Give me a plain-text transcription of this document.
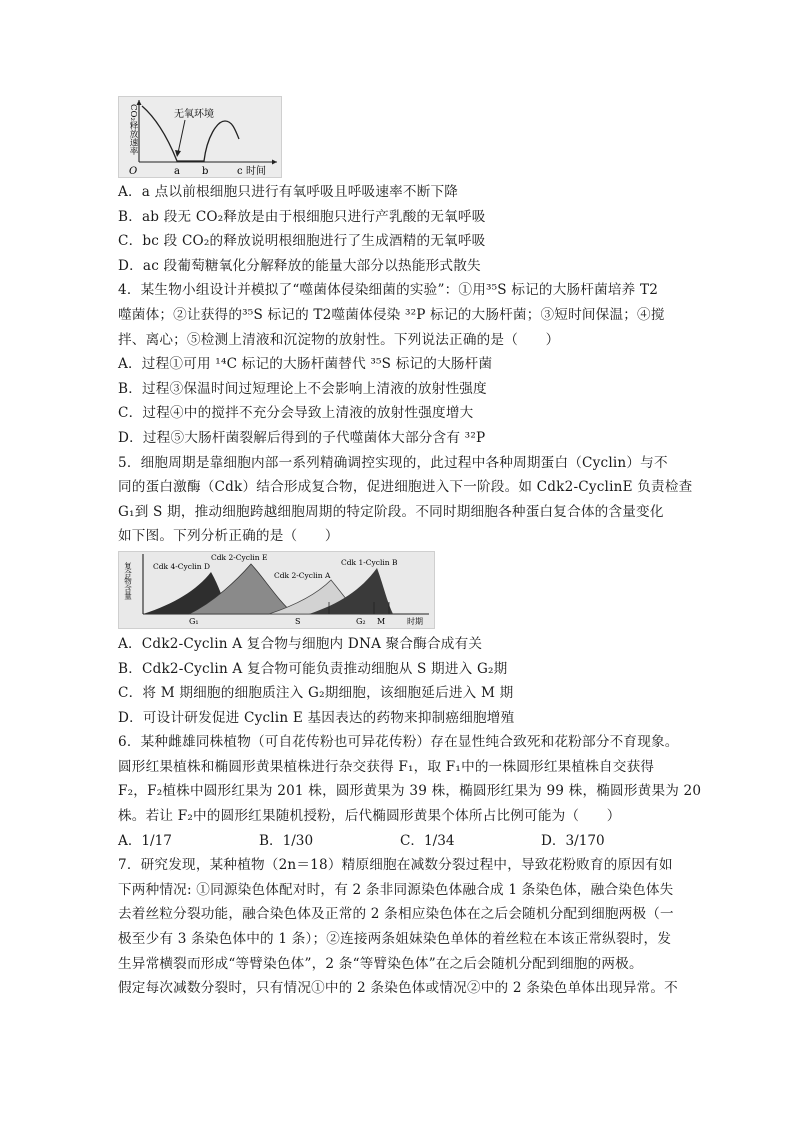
无氧环境
CO₂释放速率
O	a b	c 时间
A．a 点以前根细胞只进行有氧呼吸且呼吸速率不断下降
B．ab 段无 CO₂释放是由于根细胞只进行产乳酸的无氧呼吸
C．bc 段 CO₂的释放说明根细胞进行了生成酒精的无氧呼吸
D．ac 段葡萄糖氧化分解释放的能量大部分以热能形式散失
4．某生物小组设计并模拟了“噬菌体侵染细菌的实验”：①用³⁵S 标记的大肠杆菌培养 T2
噬菌体；②让获得的³⁵S 标记的 T2噬菌体侵染 ³²P 标记的大肠杆菌；③短时间保温；④搅
拌、离心；⑤检测上清液和沉淀物的放射性。下列说法正确的是（　　）
A．过程①可用 ¹⁴C 标记的大肠杆菌替代 ³⁵S 标记的大肠杆菌
B．过程③保温时间过短理论上不会影响上清液的放射性强度
C．过程④中的搅拌不充分会导致上清液的放射性强度增大
D．过程⑤大肠杆菌裂解后得到的子代噬菌体大部分含有 ³²P
5．细胞周期是靠细胞内部一系列精确调控实现的，此过程中各种周期蛋白（Cyclin）与不
同的蛋白激酶（Cdk）结合形成复合物，促进细胞进入下一阶段。如 Cdk2-CyclinE 负责检查
G₁到 S 期，推动细胞跨越细胞周期的特定阶段。不同时期细胞各种蛋白复合体的含量变化
如下图。下列分析正确的是（　　）
复合物含量	Cdk 4-Cyclin D
Cdk 2-Cyclin E
Cdk 2-Cyclin A
Cdk 1-Cyclin B
G₁	S	G₂ M	时期
A．Cdk2-Cyclin A 复合物与细胞内 DNA 聚合酶合成有关
B．Cdk2-Cyclin A 复合物可能负责推动细胞从 S 期进入 G₂期
C．将 M 期细胞的细胞质注入 G₂期细胞，该细胞延后进入 M 期
D．可设计研发促进 Cyclin E 基因表达的药物来抑制癌细胞增殖
6．某种雌雄同株植物（可自花传粉也可异花传粉）存在显性纯合致死和花粉部分不育现象。
圆形红果植株和椭圆形黄果植株进行杂交获得 F₁，取 F₁中的一株圆形红果植株自交获得
F₂，F₂植株中圆形红果为 201 株，圆形黄果为 39 株，椭圆形红果为 99 株，椭圆形黄果为 20
株。若让 F₂中的圆形红果随机授粉，后代椭圆形黄果个体所占比例可能为（　　）
A．1/17	B．1/30	C．1/34	D．3/170
7．研究发现，某种植物（2n＝18）精原细胞在减数分裂过程中，导致花粉败育的原因有如
下两种情况: ①同源染色体配对时，有 2 条非同源染色体融合成 1 条染色体，融合染色体失
去着丝粒分裂功能，融合染色体及正常的 2 条相应染色体在之后会随机分配到细胞两极（一
极至少有 3 条染色体中的 1 条）；②连接两条姐妹染色单体的着丝粒在本该正常纵裂时，发
生异常横裂而形成“等臂染色体”，2 条“等臂染色体”在之后会随机分配到细胞的两极。
假定每次减数分裂时，只有情况①中的 2 条染色体或情况②中的 2 条染色单体出现异常。不
